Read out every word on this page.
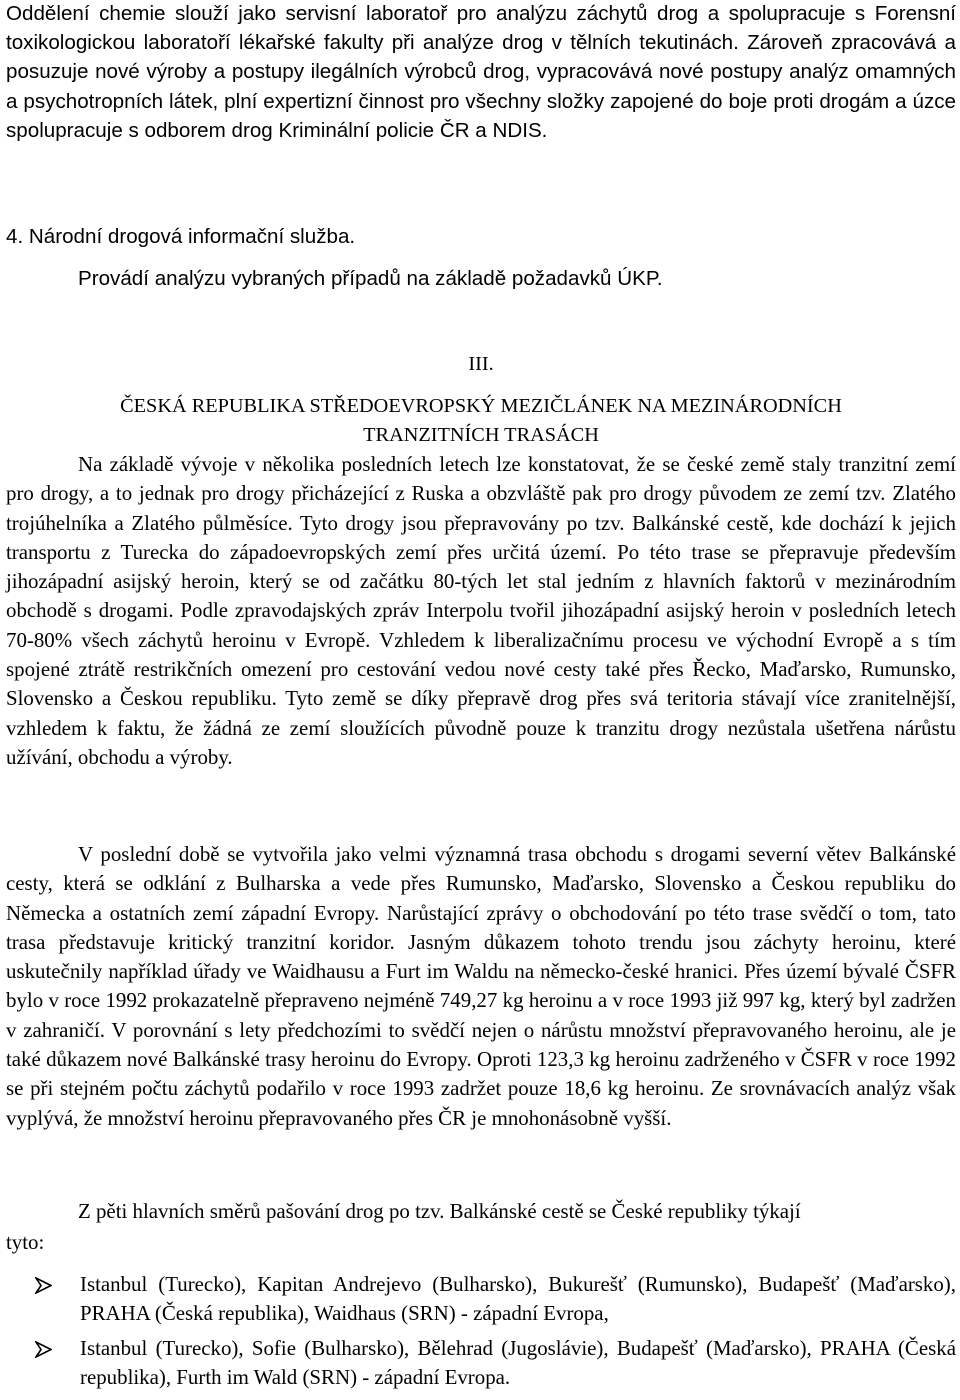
Oddělení chemie slouží jako servisní laboratoř pro analýzu záchytů drog a spolupracuje s Forensní toxikologickou laboratoří lékařské fakulty při analýze drog v tělních tekutinách. Zároveň zpracovává a posuzuje nové výroby a postupy ilegálních výrobců drog, vypracovává nové postupy analýz omamných a psychotropních látek, plní expertizní činnost pro všechny složky zapojené do boje proti drogám a úzce spolupracuje s odborem drog Kriminální policie ČR a NDIS.

4. Národní drogová informační služba.

Provádí analýzu vybraných případů na základě požadavků ÚKP.

III.

ČESKÁ REPUBLIKA STŘEDOEVROPSKÝ MEZIČLÁNEK NA MEZINÁRODNÍCH

TRANZITNÍCH TRASÁCH

Na základě vývoje v několika posledních letech lze konstatovat, že se české země staly tranzitní zemí pro drogy, a to jednak pro drogy přicházející z Ruska a obzvláště pak pro drogy původem ze zemí tzv. Zlatého trojúhelníka a Zlatého půlměsíce. Tyto drogy jsou přepravovány po tzv. Balkánské cestě, kde dochází k jejich transportu z Turecka do západoevropských zemí přes určitá území. Po této trase se přepravuje především jihozápadní asijský heroin, který se od začátku 80-tých let stal jedním z hlavních faktorů v mezinárodním obchodě s drogami. Podle zpravodajských zpráv Interpolu tvořil jihozápadní asijský heroin v posledních letech 70-80% všech záchytů heroinu v Evropě. Vzhledem k liberalizačnímu procesu ve východní Evropě a s tím spojené ztrátě restrikčních omezení pro cestování vedou nové cesty také přes Řecko, Maďarsko, Rumunsko, Slovensko a Českou republiku. Tyto země se díky přepravě drog přes svá teritoria stávají více zranitelnější, vzhledem k faktu, že žádná ze zemí sloužících původně pouze k tranzitu drogy nezůstala ušetřena nárůstu užívání, obchodu a výroby.

V poslední době se vytvořila jako velmi významná trasa obchodu s drogami severní větev Balkánské cesty, která se odklání z Bulharska a vede přes Rumunsko, Maďarsko, Slovensko a Českou republiku do Německa a ostatních zemí západní Evropy. Narůstající zprávy o obchodování po této trase svědčí o tom, tato trasa představuje kritický tranzitní koridor. Jasným důkazem tohoto trendu jsou záchyty heroinu, které uskutečnily například úřady ve Waidhausu a Furt im Waldu na německo-české hranici. Přes území bývalé ČSFR bylo v roce 1992 prokazatelně přepraveno nejméně 749,27 kg heroinu a v roce 1993 již 997 kg, který byl zadržen v zahraničí. V porovnání s lety předchozími to svědčí nejen o nárůstu množství přepravovaného heroinu, ale je také důkazem nové Balkánské trasy heroinu do Evropy. Oproti 123,3 kg heroinu zadrženého v ČSFR v roce 1992 se při stejném počtu záchytů podařilo v roce 1993 zadržet pouze 18,6 kg heroinu. Ze srovnávacích analýz však vyplývá, že množství heroinu přepravovaného přes ČR je mnohonásobně vyšší.

Z pěti hlavních směrů pašování drog po tzv. Balkánské cestě se České republiky týkají

tyto:

Istanbul (Turecko), Kapitan Andrejevo (Bulharsko), Bukurešť (Rumunsko), Budapešť (Maďarsko), PRAHA (Česká republika), Waidhaus (SRN) - západní Evropa,
Istanbul (Turecko), Sofie (Bulharsko), Bělehrad (Jugoslávie), Budapešť (Maďarsko), PRAHA (Česká republika), Furth im Wald (SRN) - západní Evropa.
